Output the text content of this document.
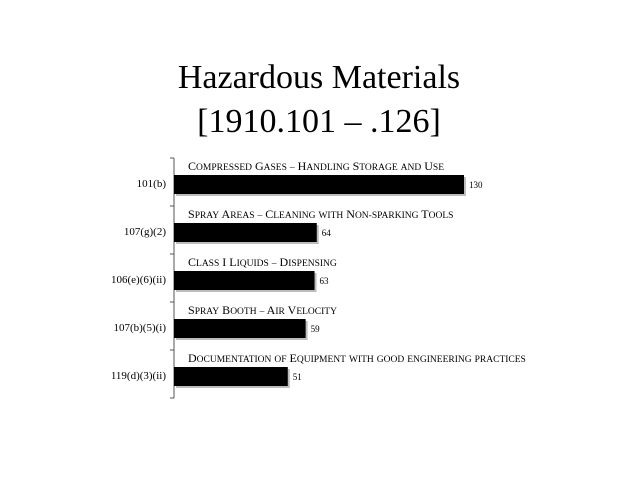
Hazardous Materials
[1910.101 – .126]
COMPRESSED GASES – HANDLING STORAGE AND USE
130
101(b)
SPRAY AREAS – CLEANING WITH NON-SPARKING TOOLS
64
107(g)(2)
CLASS I LIQUIDS – DISPENSING
63
106(e)(6)(ii)
SPRAY BOOTH – AIR VELOCITY
59
107(b)(5)(i)
DOCUMENTATION OF EQUIPMENT WITH GOOD ENGINEERING PRACTICES
51
119(d)(3)(ii)
